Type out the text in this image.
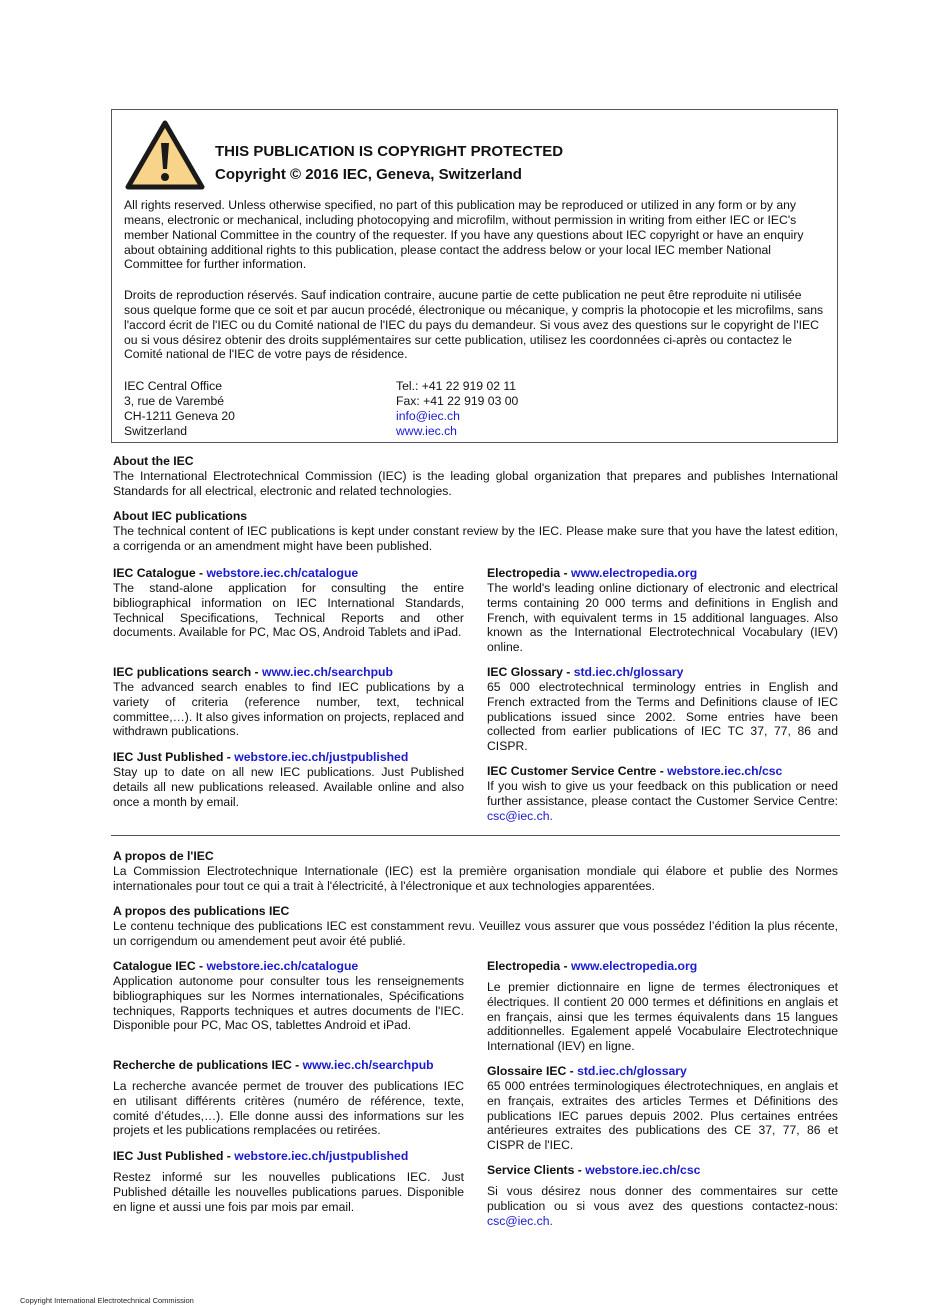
THIS PUBLICATION IS COPYRIGHT PROTECTED
Copyright © 2016 IEC, Geneva, Switzerland
All rights reserved. Unless otherwise specified, no part of this publication may be reproduced or utilized in any form or by any means, electronic or mechanical, including photocopying and microfilm, without permission in writing from either IEC or IEC's member National Committee in the country of the requester. If you have any questions about IEC copyright or have an enquiry about obtaining additional rights to this publication, please contact the address below or your local IEC member National Committee for further information.
Droits de reproduction réservés. Sauf indication contraire, aucune partie de cette publication ne peut être reproduite ni utilisée sous quelque forme que ce soit et par aucun procédé, électronique ou mécanique, y compris la photocopie et les microfilms, sans l'accord écrit de l'IEC ou du Comité national de l'IEC du pays du demandeur. Si vous avez des questions sur le copyright de l'IEC ou si vous désirez obtenir des droits supplémentaires sur cette publication, utilisez les coordonnées ci-après ou contactez le Comité national de l'IEC de votre pays de résidence.
IEC Central Office
3, rue de Varembé
CH-1211 Geneva 20
Switzerland
Tel.: +41 22 919 02 11
Fax: +41 22 919 03 00
info@iec.ch
www.iec.ch
About the IEC
The International Electrotechnical Commission (IEC) is the leading global organization that prepares and publishes International Standards for all electrical, electronic and related technologies.
About IEC publications
The technical content of IEC publications is kept under constant review by the IEC. Please make sure that you have the latest edition, a corrigenda or an amendment might have been published.
IEC Catalogue - webstore.iec.ch/catalogue
The stand-alone application for consulting the entire bibliographical information on IEC International Standards, Technical Specifications, Technical Reports and other documents. Available for PC, Mac OS, Android Tablets and iPad.
IEC publications search - www.iec.ch/searchpub
The advanced search enables to find IEC publications by a variety of criteria (reference number, text, technical committee,…). It also gives information on projects, replaced and withdrawn publications.
IEC Just Published - webstore.iec.ch/justpublished
Stay up to date on all new IEC publications. Just Published details all new publications released. Available online and also once a month by email.
Electropedia - www.electropedia.org
The world's leading online dictionary of electronic and electrical terms containing 20 000 terms and definitions in English and French, with equivalent terms in 15 additional languages. Also known as the International Electrotechnical Vocabulary (IEV) online.
IEC Glossary - std.iec.ch/glossary
65 000 electrotechnical terminology entries in English and French extracted from the Terms and Definitions clause of IEC publications issued since 2002. Some entries have been collected from earlier publications of IEC TC 37, 77, 86 and CISPR.
IEC Customer Service Centre - webstore.iec.ch/csc
If you wish to give us your feedback on this publication or need further assistance, please contact the Customer Service Centre: csc@iec.ch.
A propos de l'IEC
La Commission Electrotechnique Internationale (IEC) est la première organisation mondiale qui élabore et publie des Normes internationales pour tout ce qui a trait à l'électricité, à l'électronique et aux technologies apparentées.
A propos des publications IEC
Le contenu technique des publications IEC est constamment revu. Veuillez vous assurer que vous possédez l’édition la plus récente, un corrigendum ou amendement peut avoir été publié.
Catalogue IEC - webstore.iec.ch/catalogue
Application autonome pour consulter tous les renseignements bibliographiques sur les Normes internationales, Spécifications techniques, Rapports techniques et autres documents de l'IEC. Disponible pour PC, Mac OS, tablettes Android et iPad.
Recherche de publications IEC - www.iec.ch/searchpub
La recherche avancée permet de trouver des publications IEC en utilisant différents critères (numéro de référence, texte, comité d’études,…). Elle donne aussi des informations sur les projets et les publications remplacées ou retirées.
IEC Just Published - webstore.iec.ch/justpublished
Restez informé sur les nouvelles publications IEC. Just Published détaille les nouvelles publications parues. Disponible en ligne et aussi une fois par mois par email.
Electropedia - www.electropedia.org
Le premier dictionnaire en ligne de termes électroniques et électriques. Il contient 20 000 termes et définitions en anglais et en français, ainsi que les termes équivalents dans 15 langues additionnelles. Egalement appelé Vocabulaire Electrotechnique International (IEV) en ligne.
Glossaire IEC - std.iec.ch/glossary
65 000 entrées terminologiques électrotechniques, en anglais et en français, extraites des articles Termes et Définitions des publications IEC parues depuis 2002. Plus certaines entrées antérieures extraites des publications des CE 37, 77, 86 et CISPR de l'IEC.
Service Clients - webstore.iec.ch/csc
Si vous désirez nous donner des commentaires sur cette publication ou si vous avez des questions contactez-nous: csc@iec.ch.
Copyright International Electrotechnical Commission
